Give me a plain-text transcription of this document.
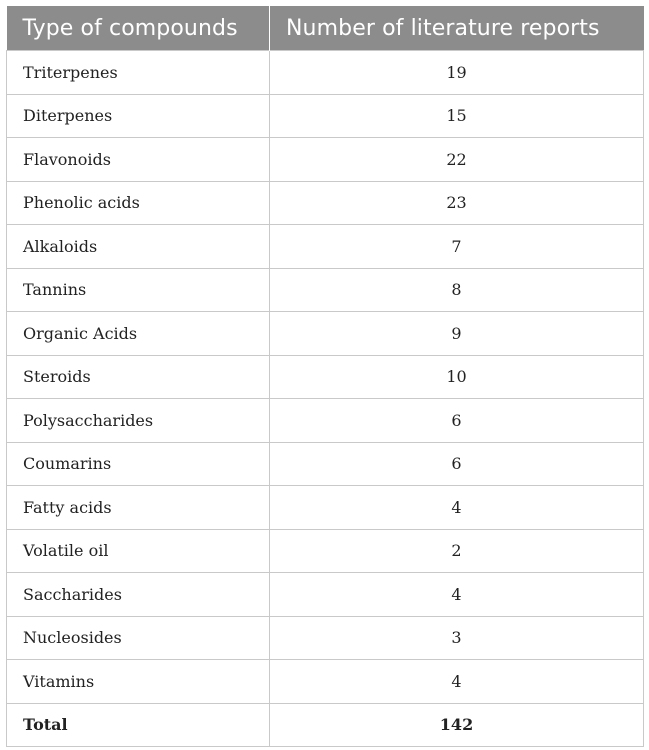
Type of compounds	Number of literature reports
Triterpenes	19
Diterpenes	15
Flavonoids	22
Phenolic acids	23
Alkaloids	7
Tannins	8
Organic Acids	9
Steroids	10
Polysaccharides	6
Coumarins	6
Fatty acids	4
Volatile oil	2
Saccharides	4
Nucleosides	3
Vitamins	4
Total	142
